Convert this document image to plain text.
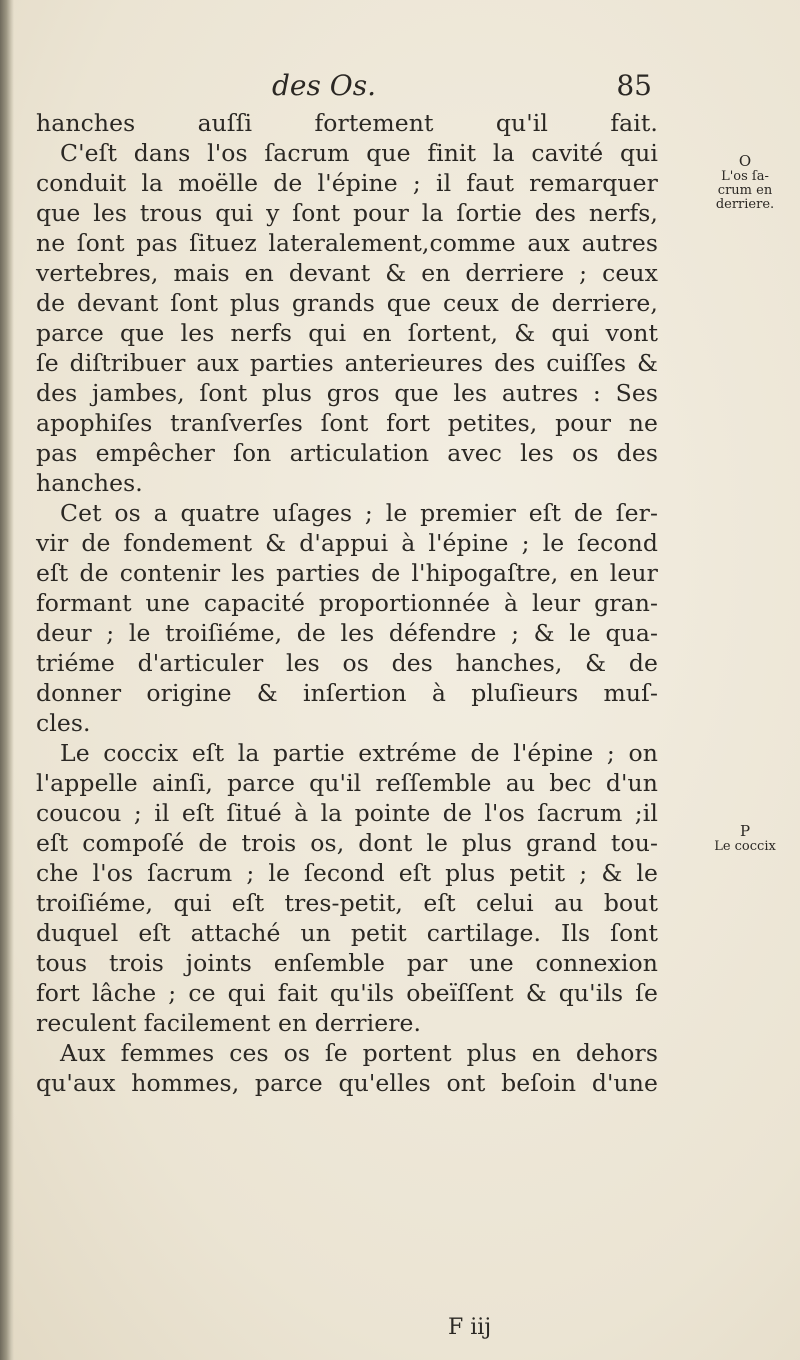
des Os.	85
hanches auſſi fortement qu'il fait.
C'eſt dans l'os ſacrum que finit la cavité qui
conduit la moëlle de l'épine ; il faut remarquer
que les trous qui y ſont pour la ſortie des nerfs,
ne ſont pas ſituez lateralement,comme aux autres
vertebres, mais en devant & en derriere ; ceux
de devant ſont plus grands que ceux de derriere,
parce que les nerfs qui en ſortent, & qui vont
ſe diſtribuer aux parties anterieures des cuiſſes &
des jambes, ſont plus gros que les autres : Ses
apophiſes tranſverſes ſont fort petites, pour ne
pas empêcher ſon articulation avec les os des
hanches.
Cet os a quatre uſages ; le premier eſt de ſer-
vir de fondement & d'appui à l'épine ; le ſecond
eſt de contenir les parties de l'hipogaſtre, en leur
formant une capacité proportionnée à leur gran-
deur ; le troiſiéme, de les défendre ; & le qua-
triéme d'articuler les os des hanches, & de
donner origine & inſertion à pluſieurs muſ-
cles.
Le coccix eſt la partie extréme de l'épine ; on
l'appelle ainſi, parce qu'il reſſemble au bec d'un
coucou ; il eſt ſitué à la pointe de l'os ſacrum ;il
eſt compoſé de trois os, dont le plus grand tou-
che l'os ſacrum ; le ſecond eſt plus petit ; & le
troiſiéme, qui eſt tres-petit, eſt celui au bout
duquel eſt attaché un petit cartilage. Ils ſont
tous trois joints enſemble par une connexion
fort lâche ; ce qui fait qu'ils obeïſſent & qu'ils ſe
reculent facilement en derriere.
Aux femmes ces os ſe portent plus en dehors
qu'aux hommes, parce qu'elles ont beſoin d'une
O
L'os ſa-
crum en
derriere.
P
Le coccix
F iij
